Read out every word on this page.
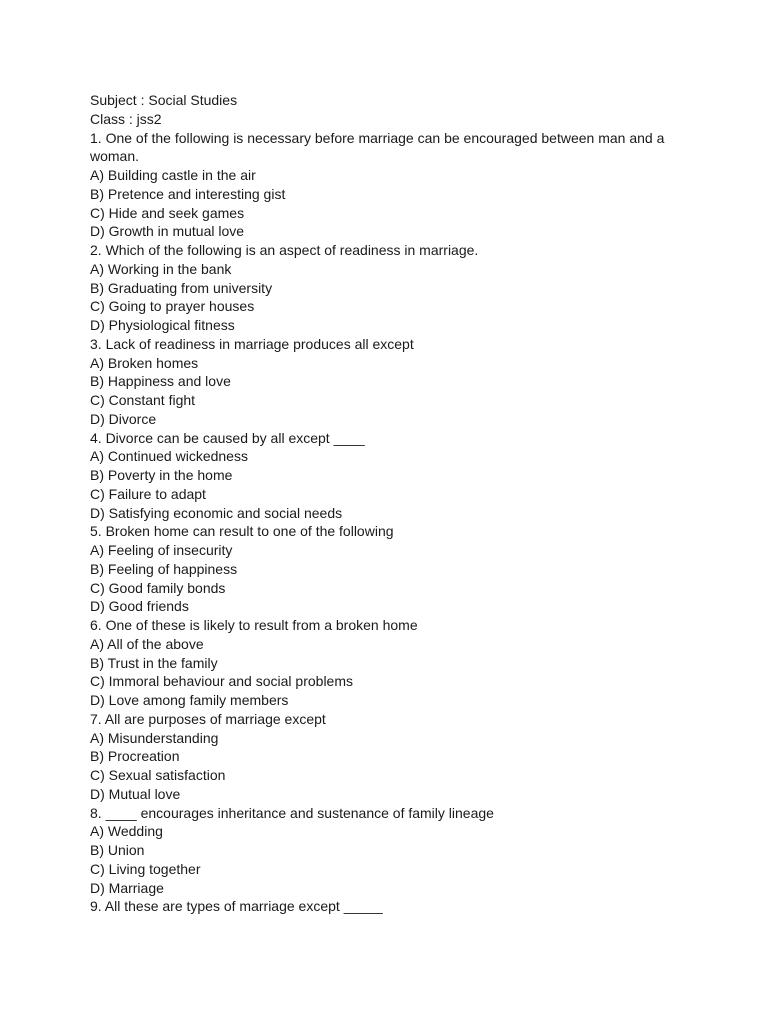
Subject : Social Studies
Class : jss2
1. One of the following is necessary before marriage can be encouraged between man and a woman.
A) Building castle in the air
B) Pretence and interesting gist
C) Hide and seek games
D) Growth in mutual love
2. Which of the following is an aspect of readiness in marriage.
A) Working in the bank
B) Graduating from university
C) Going to prayer houses
D) Physiological fitness
3. Lack of readiness in marriage produces all except
A) Broken homes
B) Happiness and love
C) Constant fight
D) Divorce
4. Divorce can be caused by all except ____
A) Continued wickedness
B) Poverty in the home
C) Failure to adapt
D) Satisfying economic and social needs
5. Broken home can result to one of the following
A) Feeling of insecurity
B) Feeling of happiness
C) Good family bonds
D) Good friends
6. One of these is likely to result from a broken home
A) All of the above
B) Trust in the family
C) Immoral behaviour and social problems
D) Love among family members
7. All are purposes of marriage except
A) Misunderstanding
B) Procreation
C) Sexual satisfaction
D) Mutual love
8. ____ encourages inheritance and sustenance of family lineage
A) Wedding
B) Union
C) Living together
D) Marriage
9. All these are types of marriage except _____
